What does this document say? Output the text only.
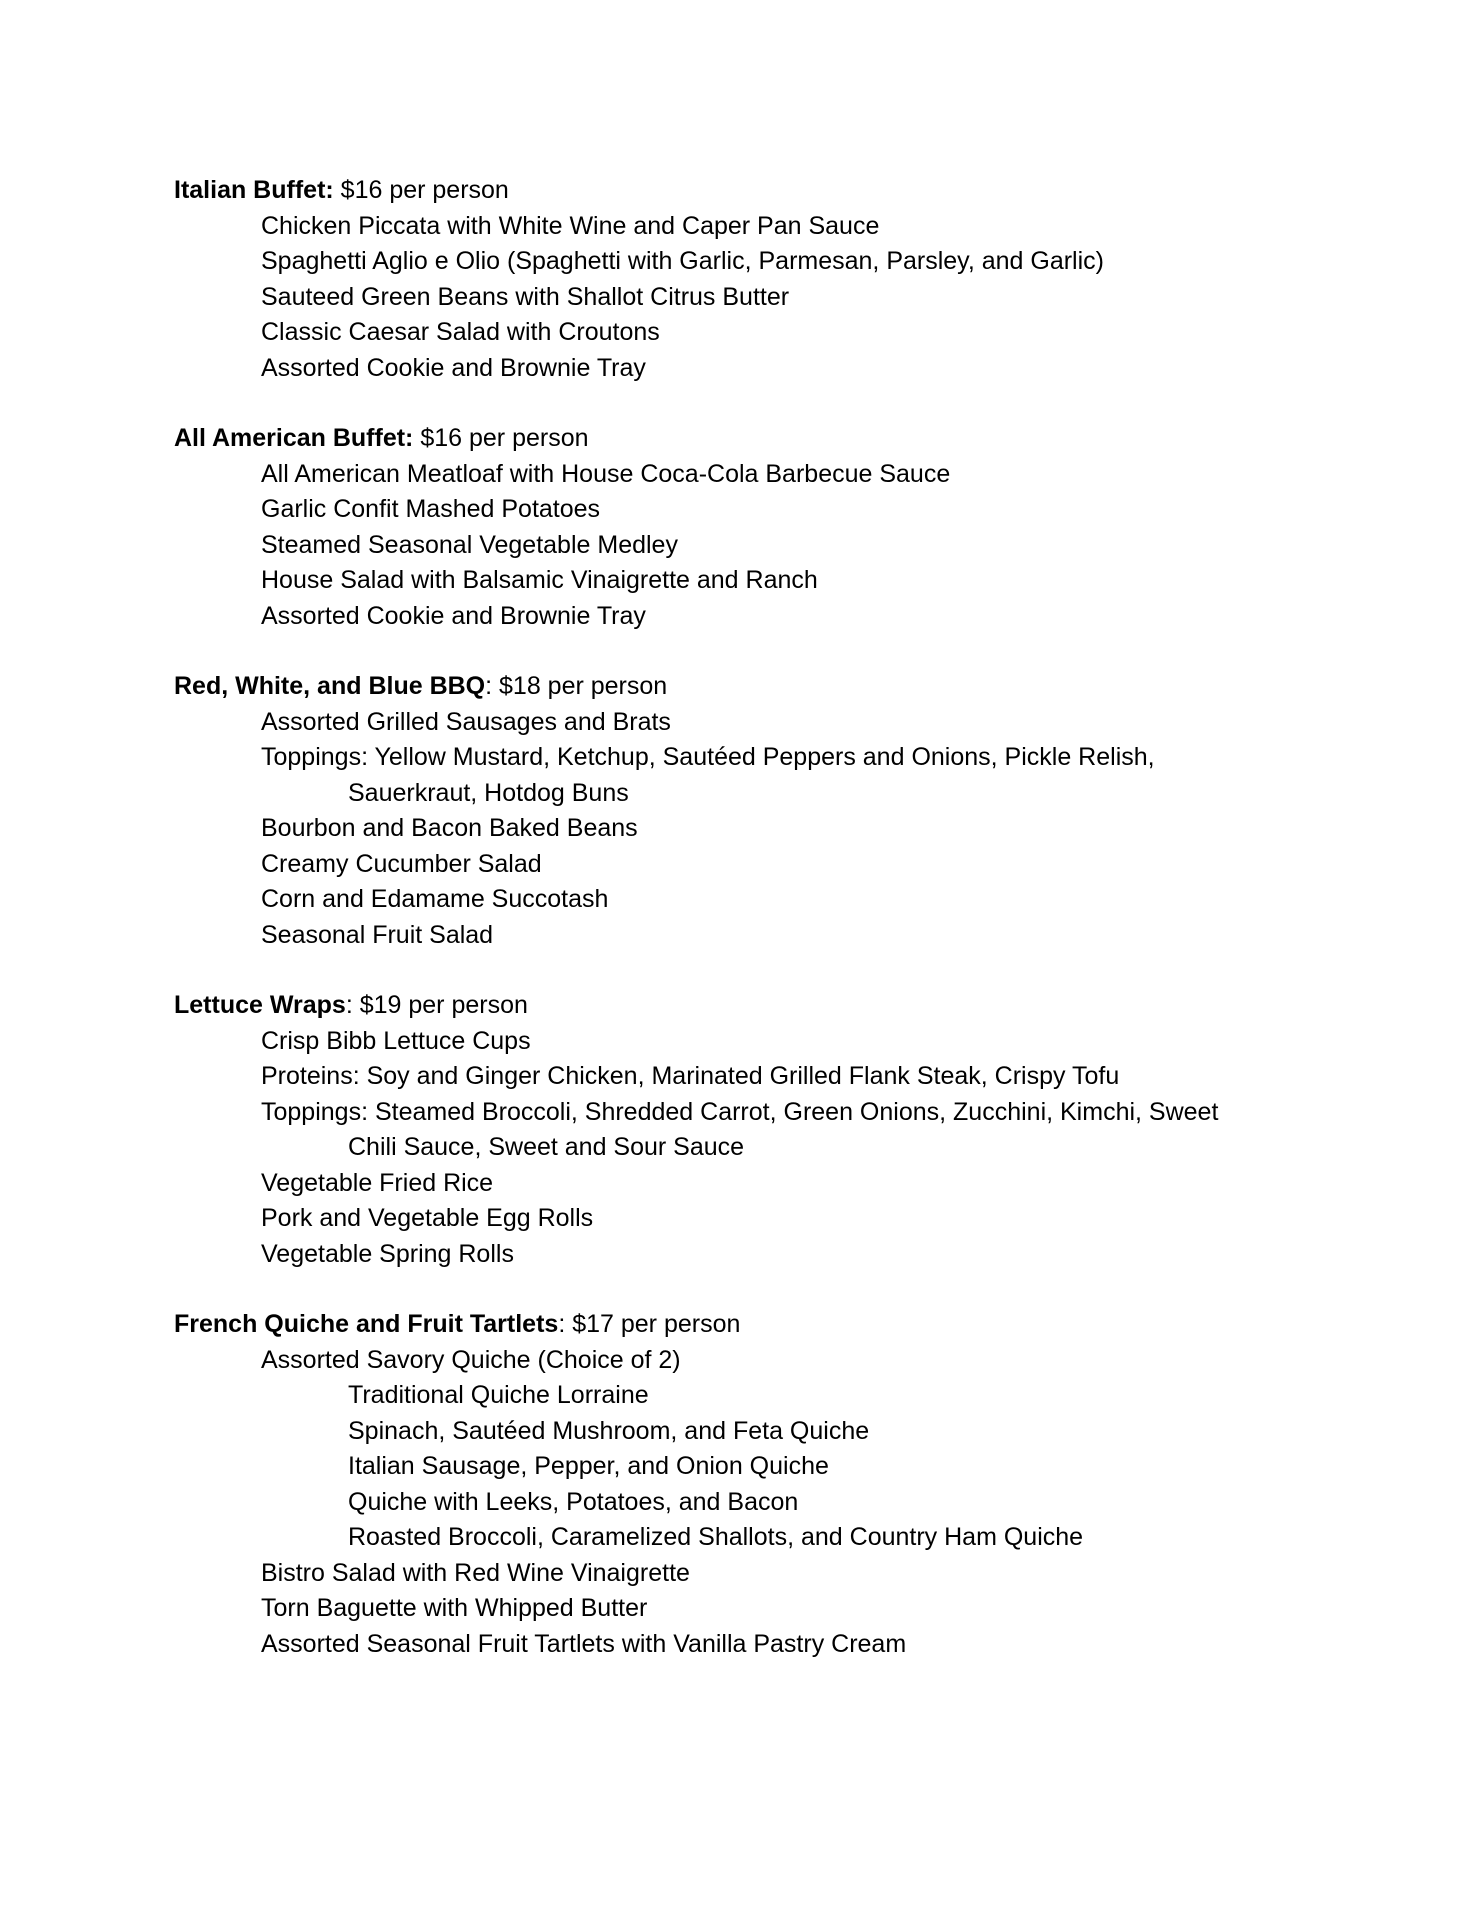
Italian Buffet: $16 per person
Chicken Piccata with White Wine and Caper Pan Sauce
Spaghetti Aglio e Olio (Spaghetti with Garlic, Parmesan, Parsley, and Garlic)
Sauteed Green Beans with Shallot Citrus Butter
Classic Caesar Salad with Croutons
Assorted Cookie and Brownie Tray
All American Buffet: $16 per person
All American Meatloaf with House Coca-Cola Barbecue Sauce
Garlic Confit Mashed Potatoes
Steamed Seasonal Vegetable Medley
House Salad with Balsamic Vinaigrette and Ranch
Assorted Cookie and Brownie Tray
Red, White, and Blue BBQ: $18 per person
Assorted Grilled Sausages and Brats
Toppings: Yellow Mustard, Ketchup, Sautéed Peppers and Onions, Pickle Relish,
Sauerkraut, Hotdog Buns
Bourbon and Bacon Baked Beans
Creamy Cucumber Salad
Corn and Edamame Succotash
Seasonal Fruit Salad
Lettuce Wraps: $19 per person
Crisp Bibb Lettuce Cups
Proteins: Soy and Ginger Chicken, Marinated Grilled Flank Steak, Crispy Tofu
Toppings: Steamed Broccoli, Shredded Carrot, Green Onions, Zucchini, Kimchi, Sweet
Chili Sauce, Sweet and Sour Sauce
Vegetable Fried Rice
Pork and Vegetable Egg Rolls
Vegetable Spring Rolls
French Quiche and Fruit Tartlets: $17 per person
Assorted Savory Quiche (Choice of 2)
Traditional Quiche Lorraine
Spinach, Sautéed Mushroom, and Feta Quiche
Italian Sausage, Pepper, and Onion Quiche
Quiche with Leeks, Potatoes, and Bacon
Roasted Broccoli, Caramelized Shallots, and Country Ham Quiche
Bistro Salad with Red Wine Vinaigrette
Torn Baguette with Whipped Butter
Assorted Seasonal Fruit Tartlets with Vanilla Pastry Cream
